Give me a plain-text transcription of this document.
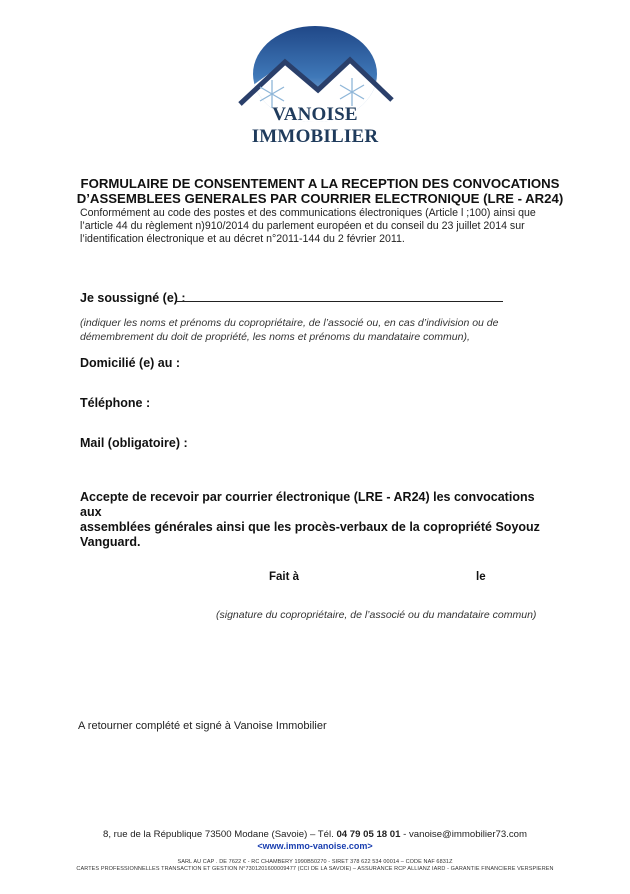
VANOISE IMMOBILIER
FORMULAIRE DE CONSENTEMENT A LA RECEPTION DES CONVOCATIONS
D’ASSEMBLEES GENERALES PAR COURRIER ELECTRONIQUE (LRE - AR24)
Conformément au code des postes et des communications électroniques (Article l ;100) ainsi que
l’article 44 du règlement n)910/2014 du parlement européen et du conseil du 23 juillet 2014 sur
l’identification électronique et au décret n°2011-144 du 2 février 2011.
Je soussigné (e) :
(indiquer les noms et prénoms du copropriétaire, de l’associé ou, en cas d’indivision ou de
démembrement du doit de propriété, les noms et prénoms du mandataire commun),
Domicilié (e) au :
Téléphone :
Mail (obligatoire) :
Accepte de recevoir par courrier électronique (LRE - AR24) les convocations aux
assemblées générales ainsi que les procès-verbaux de la copropriété Soyouz
Vanguard.
Fait à	le
(signature du copropriétaire, de l’associé ou du mandataire commun)
A retourner complété et signé à Vanoise Immobilier
8, rue de la République 73500 Modane (Savoie) – Tél. 04 79 05 18 01 - vanoise@immobilier73.com
<www.immo-vanoise.com>
SARL AU CAP . DE 7622 € - RC CHAMBERY 1990B50270 - SIRET 378 622 534 00014 – CODE NAF 6831Z
CARTES PROFESSIONNELLES TRANSACTION ET GESTION N°7301201600009477 (CCI DE LA SAVOIE) – ASSURANCE RCP ALLIANZ IARD - GARANTIE FINANCIERE VERSPIEREN
